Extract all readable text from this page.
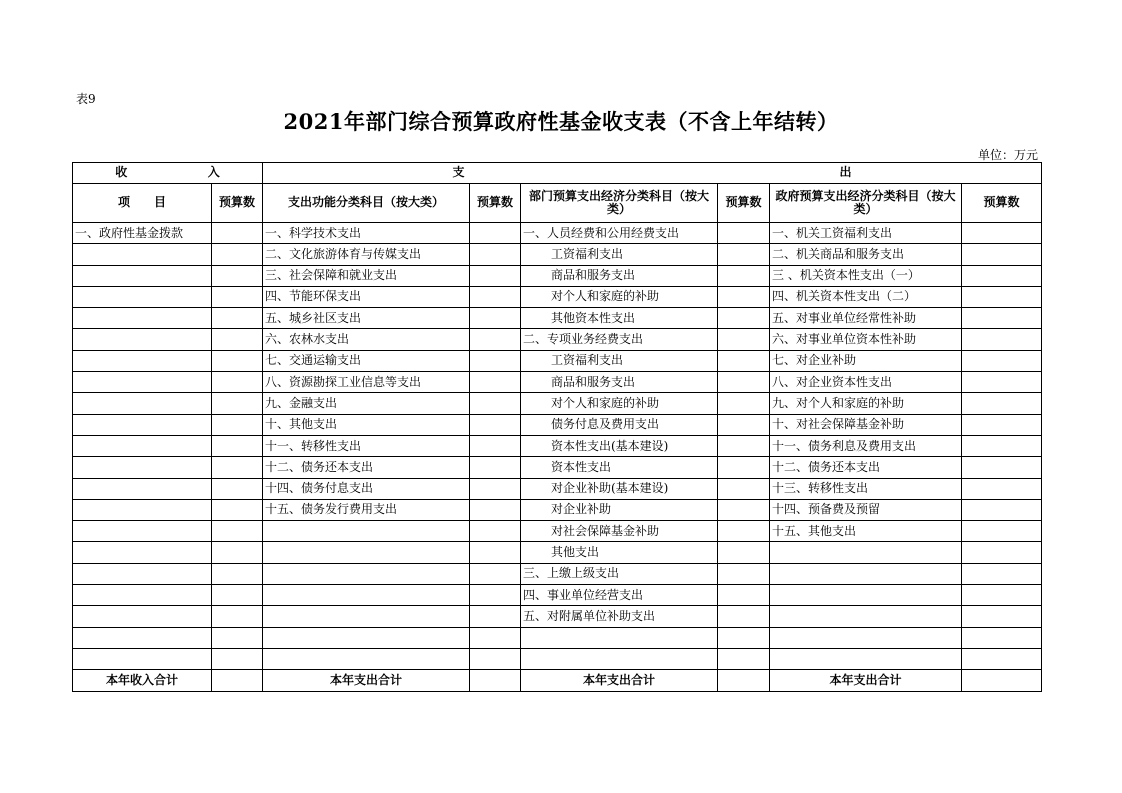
表9
2021年部门综合预算政府性基金收支表（不含上年结转）
单位：万元
收 入		支 出					

项　　目	预算数	支出功能分类科目（按大类）	预算数	部门预算支出经济分类科目（按大类）	预算数	政府预算支出经济分类科目（按大类）	预算数
一、政府性基金拨款		一、科学技术支出		一、人员经费和公用经费支出		一、机关工资福利支出	
		二、文化旅游体育与传媒支出		工资福利支出		二、机关商品和服务支出	
		三、社会保障和就业支出		商品和服务支出		三 、机关资本性支出（一）	
		四、节能环保支出		对个人和家庭的补助		四、机关资本性支出（二）	
		五、城乡社区支出		其他资本性支出		五、对事业单位经常性补助	
		六、农林水支出		二、专项业务经费支出		六、对事业单位资本性补助	
		七、交通运输支出		工资福利支出		七、对企业补助	
		八、资源勘探工业信息等支出		商品和服务支出		八、对企业资本性支出	
		九、金融支出		对个人和家庭的补助		九、对个人和家庭的补助	
		十、其他支出		债务付息及费用支出		十、对社会保障基金补助	
		十一、转移性支出		资本性支出(基本建设)		十一、债务利息及费用支出	
		十二、债务还本支出		资本性支出		十二、债务还本支出	
		十四、债务付息支出		对企业补助(基本建设)		十三、转移性支出	
		十五、债务发行费用支出		对企业补助		十四、预备费及预留	
				对社会保障基金补助		十五、其他支出	
				其他支出			
				三、上缴上级支出			
				四、事业单位经营支出			
				五、对附属单位补助支出			

本年收入合计		本年支出合计		本年支出合计		本年支出合计	
